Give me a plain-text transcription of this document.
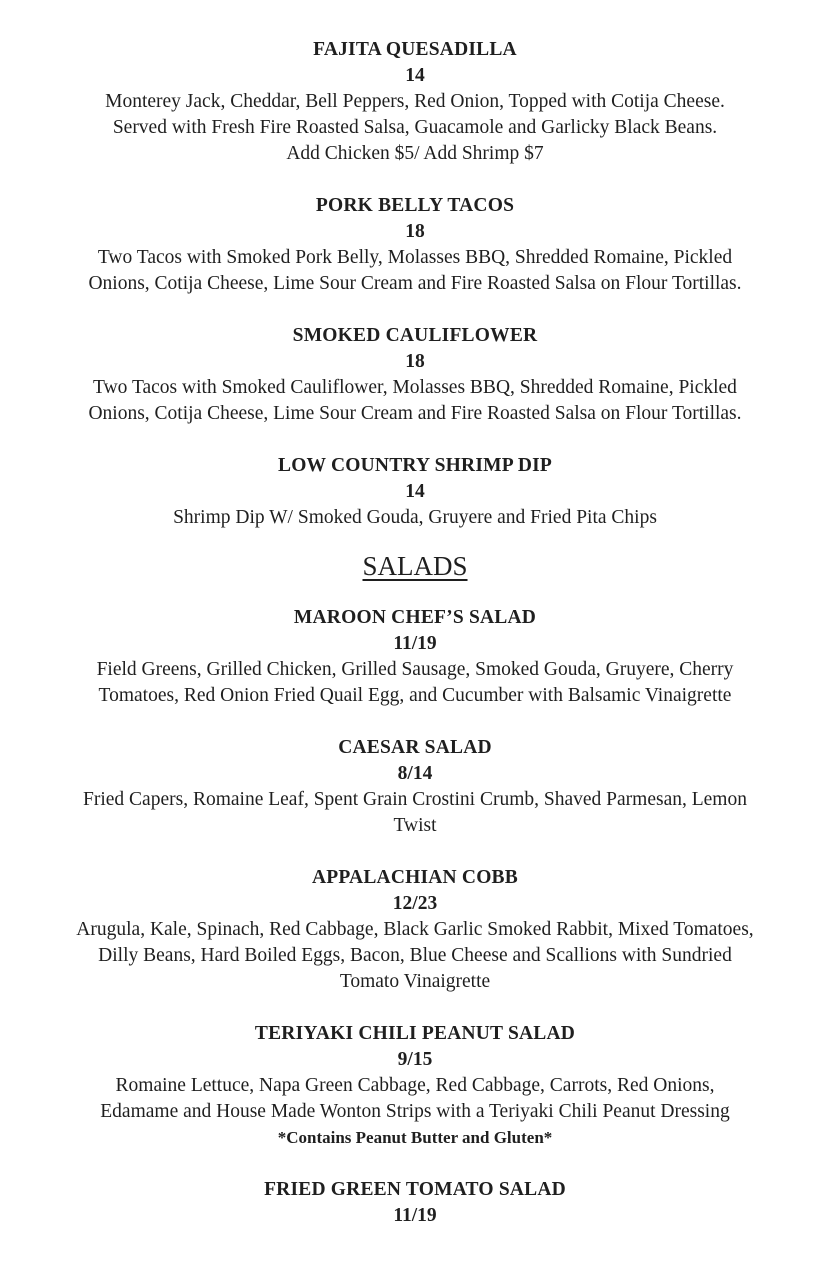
FAJITA QUESADILLA
14
Monterey Jack, Cheddar, Bell Peppers, Red Onion, Topped with Cotija Cheese.
Served with Fresh Fire Roasted Salsa, Guacamole and Garlicky Black Beans.
Add Chicken $5/ Add Shrimp $7
PORK BELLY TACOS
18
Two Tacos with Smoked Pork Belly, Molasses BBQ, Shredded Romaine, Pickled
Onions, Cotija Cheese, Lime Sour Cream and Fire Roasted Salsa on Flour Tortillas.
SMOKED CAULIFLOWER
18
Two Tacos with Smoked Cauliflower, Molasses BBQ, Shredded Romaine, Pickled
Onions, Cotija Cheese, Lime Sour Cream and Fire Roasted Salsa on Flour Tortillas.
LOW COUNTRY SHRIMP DIP
14
Shrimp Dip W/ Smoked Gouda, Gruyere and Fried Pita Chips
SALADS
MAROON CHEF’S SALAD
11/19
Field Greens, Grilled Chicken, Grilled Sausage, Smoked Gouda, Gruyere, Cherry
Tomatoes, Red Onion Fried Quail Egg, and Cucumber with Balsamic Vinaigrette
CAESAR SALAD
8/14
Fried Capers, Romaine Leaf, Spent Grain Crostini Crumb, Shaved Parmesan, Lemon
Twist
APPALACHIAN COBB
12/23
Arugula, Kale, Spinach, Red Cabbage, Black Garlic Smoked Rabbit, Mixed Tomatoes,
Dilly Beans, Hard Boiled Eggs, Bacon, Blue Cheese and Scallions with Sundried
Tomato Vinaigrette
TERIYAKI CHILI PEANUT SALAD
9/15
Romaine Lettuce, Napa Green Cabbage, Red Cabbage, Carrots, Red Onions,
Edamame and House Made Wonton Strips with a Teriyaki Chili Peanut Dressing
*Contains Peanut Butter and Gluten*
FRIED GREEN TOMATO SALAD
11/19
